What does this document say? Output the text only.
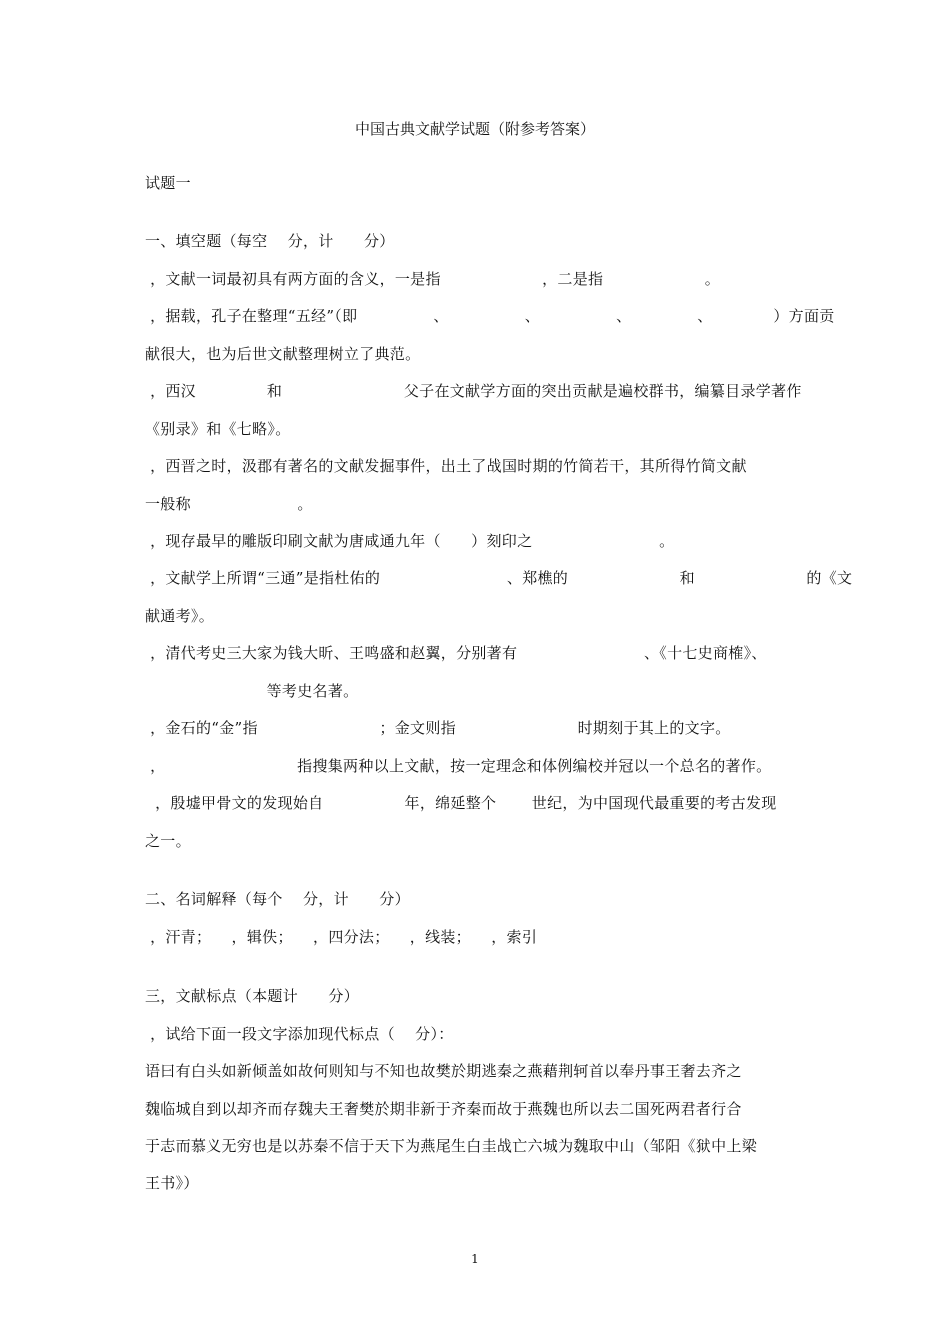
中国古典文献学试题（附参考答案）
试题一
一、填空题（每空    分，计      分）
，文献一词最初具有两方面的含义，一是指                    ，二是指                    。
，据载，孔子在整理“五经”（即               、               、               、             、            ）方面贡
献很大，也为后世文献整理树立了典范。
，西汉              和                        父子在文献学方面的突出贡献是遍校群书，编纂目录学著作
《别录》和《七略》。
，西晋之时，汲郡有著名的文献发掘事件，出土了战国时期的竹简若干，其所得竹简文献
一般称                     。
，现存最早的雕版印刷文献为唐咸通九年（      ）刻印之                         。
，文献学上所谓“三通”是指杜佑的                         、郑樵的                      和                      的《文
献通考》。
，清代考史三大家为钱大昕、王鸣盛和赵翼，分别著有                         、《十七史商榷》、
等考史名著。
，金石的“金”指                        ；金文则指                        时期刻于其上的文字。
，                          指搜集两种以上文献，按一定理念和体例编校并冠以一个总名的著作。
，殷墟甲骨文的发现始自                年，绵延整个       世纪，为中国现代最重要的考古发现
之一。
二、名词解释（每个    分，计      分）
，汗青；    ，辑佚；    ，四分法；    ，线装；    ，索引
三，文献标点（本题计      分）
，试给下面一段文字添加现代标点（    分）：
语曰有白头如新倾盖如故何则知与不知也故樊於期逃秦之燕藉荆轲首以奉丹事王奢去齐之
魏临城自到以却齐而存魏夫王奢樊於期非新于齐秦而故于燕魏也所以去二国死两君者行合
于志而慕义无穷也是以苏秦不信于天下为燕尾生白圭战亡六城为魏取中山（邹阳《狱中上梁
王书》）
1
